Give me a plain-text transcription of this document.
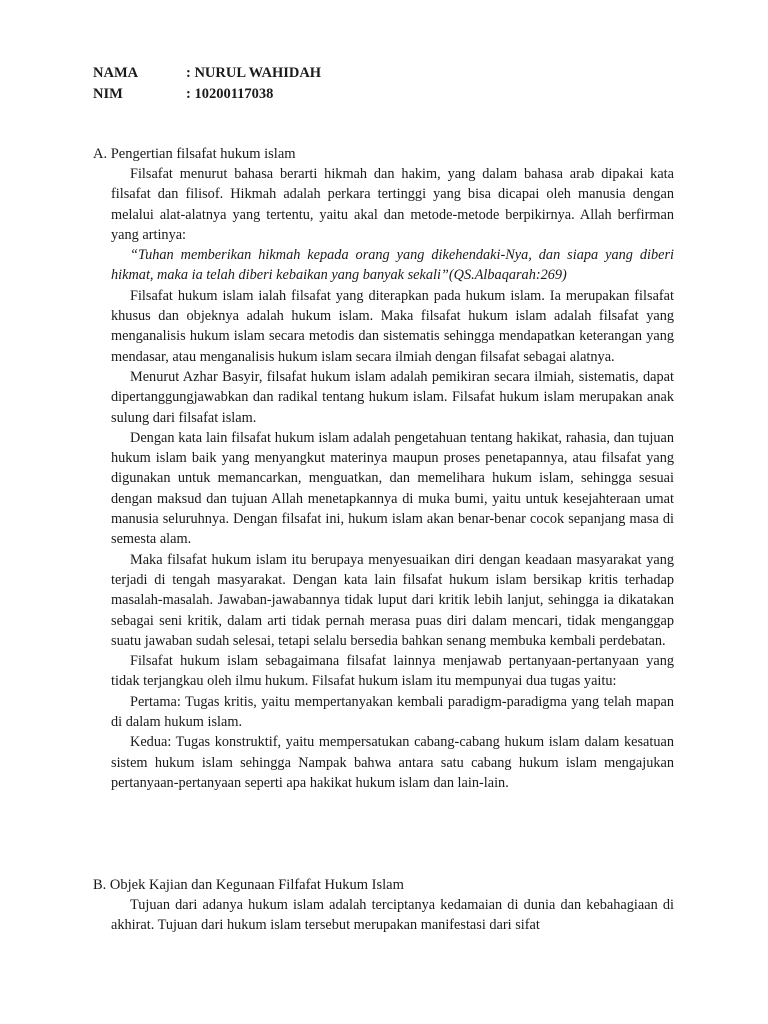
NAMA	: NURUL WAHIDAH
NIM	: 10200117038
A. Pengertian filsafat hukum islam

Filsafat menurut bahasa berarti hikmah dan hakim, yang dalam bahasa arab dipakai kata filsafat dan filisof. Hikmah adalah perkara tertinggi yang bisa dicapai oleh manusia dengan melalui alat-alatnya yang tertentu, yaitu akal dan metode-metode berpikirnya. Allah berfirman yang artinya:

“Tuhan memberikan hikmah kepada orang yang dikehendaki-Nya, dan siapa yang diberi hikmat, maka ia telah diberi kebaikan yang banyak sekali”(QS.Albaqarah:269)

Filsafat hukum islam ialah filsafat yang diterapkan pada hukum islam. Ia merupakan filsafat khusus dan objeknya adalah hukum islam. Maka filsafat hukum islam adalah filsafat yang menganalisis hukum islam secara metodis dan sistematis sehingga mendapatkan keterangan yang mendasar, atau menganalisis hukum islam secara ilmiah dengan filsafat sebagai alatnya.

Menurut Azhar Basyir, filsafat hukum islam adalah pemikiran secara ilmiah, sistematis, dapat dipertanggungjawabkan dan radikal tentang hukum islam. Filsafat hukum islam merupakan anak sulung dari filsafat islam.

Dengan kata lain filsafat hukum islam adalah pengetahuan tentang hakikat, rahasia, dan tujuan hukum islam baik yang menyangkut materinya maupun proses penetapannya, atau filsafat yang digunakan untuk memancarkan, menguatkan, dan memelihara hukum islam, sehingga sesuai dengan maksud dan tujuan Allah menetapkannya di muka bumi, yaitu untuk kesejahteraan umat manusia seluruhnya. Dengan filsafat ini, hukum islam akan benar-benar cocok sepanjang masa di semesta alam.

Maka filsafat hukum islam itu berupaya menyesuaikan diri dengan keadaan masyarakat yang terjadi di tengah masyarakat. Dengan kata lain filsafat hukum islam bersikap kritis terhadap masalah-masalah. Jawaban-jawabannya tidak luput dari kritik lebih lanjut, sehingga ia dikatakan sebagai seni kritik, dalam arti tidak pernah merasa puas diri dalam mencari, tidak menganggap suatu jawaban sudah selesai, tetapi selalu bersedia bahkan senang membuka kembali perdebatan.

Filsafat hukum islam sebagaimana filsafat lainnya menjawab pertanyaan-pertanyaan yang tidak terjangkau oleh ilmu hukum. Filsafat hukum islam itu mempunyai dua tugas yaitu:

Pertama: Tugas kritis, yaitu mempertanyakan kembali paradigm-paradigma yang telah mapan di dalam hukum islam.

Kedua: Tugas konstruktif, yaitu mempersatukan cabang-cabang hukum islam dalam kesatuan sistem hukum islam sehingga Nampak bahwa antara satu cabang hukum islam mengajukan pertanyaan-pertanyaan seperti apa hakikat hukum islam dan lain-lain.

B. Objek Kajian dan Kegunaan Filfafat Hukum Islam

Tujuan dari adanya hukum islam adalah terciptanya kedamaian di dunia dan kebahagiaan di akhirat. Tujuan dari hukum islam tersebut merupakan manifestasi dari sifat
